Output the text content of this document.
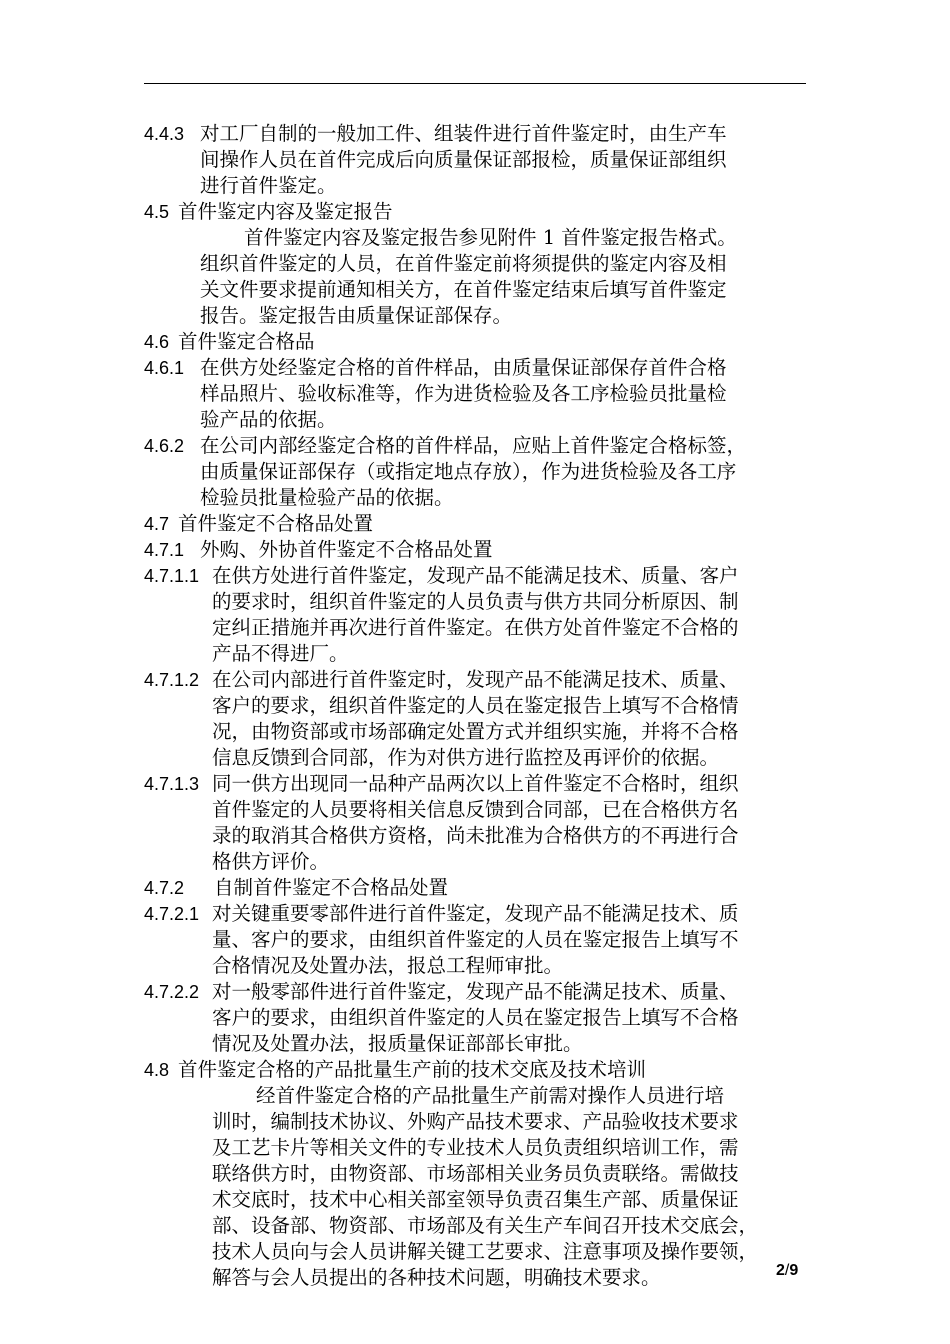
4.4.3 对工厂自制的一般加工件、组装件进行首件鉴定时，由生产车
间操作人员在首件完成后向质量保证部报检，质量保证部组织
进行首件鉴定。
4.5 首件鉴定内容及鉴定报告
首件鉴定内容及鉴定报告参见附件 1 首件鉴定报告格式。
组织首件鉴定的人员，在首件鉴定前将须提供的鉴定内容及相
关文件要求提前通知相关方，在首件鉴定结束后填写首件鉴定
报告。鉴定报告由质量保证部保存。
4.6 首件鉴定合格品
4.6.1 在供方处经鉴定合格的首件样品，由质量保证部保存首件合格
样品照片、验收标准等，作为进货检验及各工序检验员批量检
验产品的依据。
4.6.2 在公司内部经鉴定合格的首件样品，应贴上首件鉴定合格标签，
由质量保证部保存（或指定地点存放），作为进货检验及各工序
检验员批量检验产品的依据。
4.7 首件鉴定不合格品处置
4.7.1 外购、外协首件鉴定不合格品处置
4.7.1.1 在供方处进行首件鉴定，发现产品不能满足技术、质量、客户
的要求时，组织首件鉴定的人员负责与供方共同分析原因、制
定纠正措施并再次进行首件鉴定。在供方处首件鉴定不合格的
产品不得进厂。
4.7.1.2 在公司内部进行首件鉴定时，发现产品不能满足技术、质量、
客户的要求，组织首件鉴定的人员在鉴定报告上填写不合格情
况，由物资部或市场部确定处置方式并组织实施，并将不合格
信息反馈到合同部，作为对供方进行监控及再评价的依据。
4.7.1.3 同一供方出现同一品种产品两次以上首件鉴定不合格时，组织
首件鉴定的人员要将相关信息反馈到合同部，已在合格供方名
录的取消其合格供方资格，尚未批准为合格供方的不再进行合
格供方评价。
4.7.2 自制首件鉴定不合格品处置
4.7.2.1 对关键重要零部件进行首件鉴定，发现产品不能满足技术、质
量、客户的要求，由组织首件鉴定的人员在鉴定报告上填写不
合格情况及处置办法，报总工程师审批。
4.7.2.2 对一般零部件进行首件鉴定，发现产品不能满足技术、质量、
客户的要求，由组织首件鉴定的人员在鉴定报告上填写不合格
情况及处置办法，报质量保证部部长审批。
4.8 首件鉴定合格的产品批量生产前的技术交底及技术培训
经首件鉴定合格的产品批量生产前需对操作人员进行培
训时，编制技术协议、外购产品技术要求、产品验收技术要求
及工艺卡片等相关文件的专业技术人员负责组织培训工作，需
联络供方时，由物资部、市场部相关业务员负责联络。需做技
术交底时，技术中心相关部室领导负责召集生产部、质量保证
部、设备部、物资部、市场部及有关生产车间召开技术交底会，
技术人员向与会人员讲解关键工艺要求、注意事项及操作要领，
解答与会人员提出的各种技术问题，明确技术要求。	2/9
